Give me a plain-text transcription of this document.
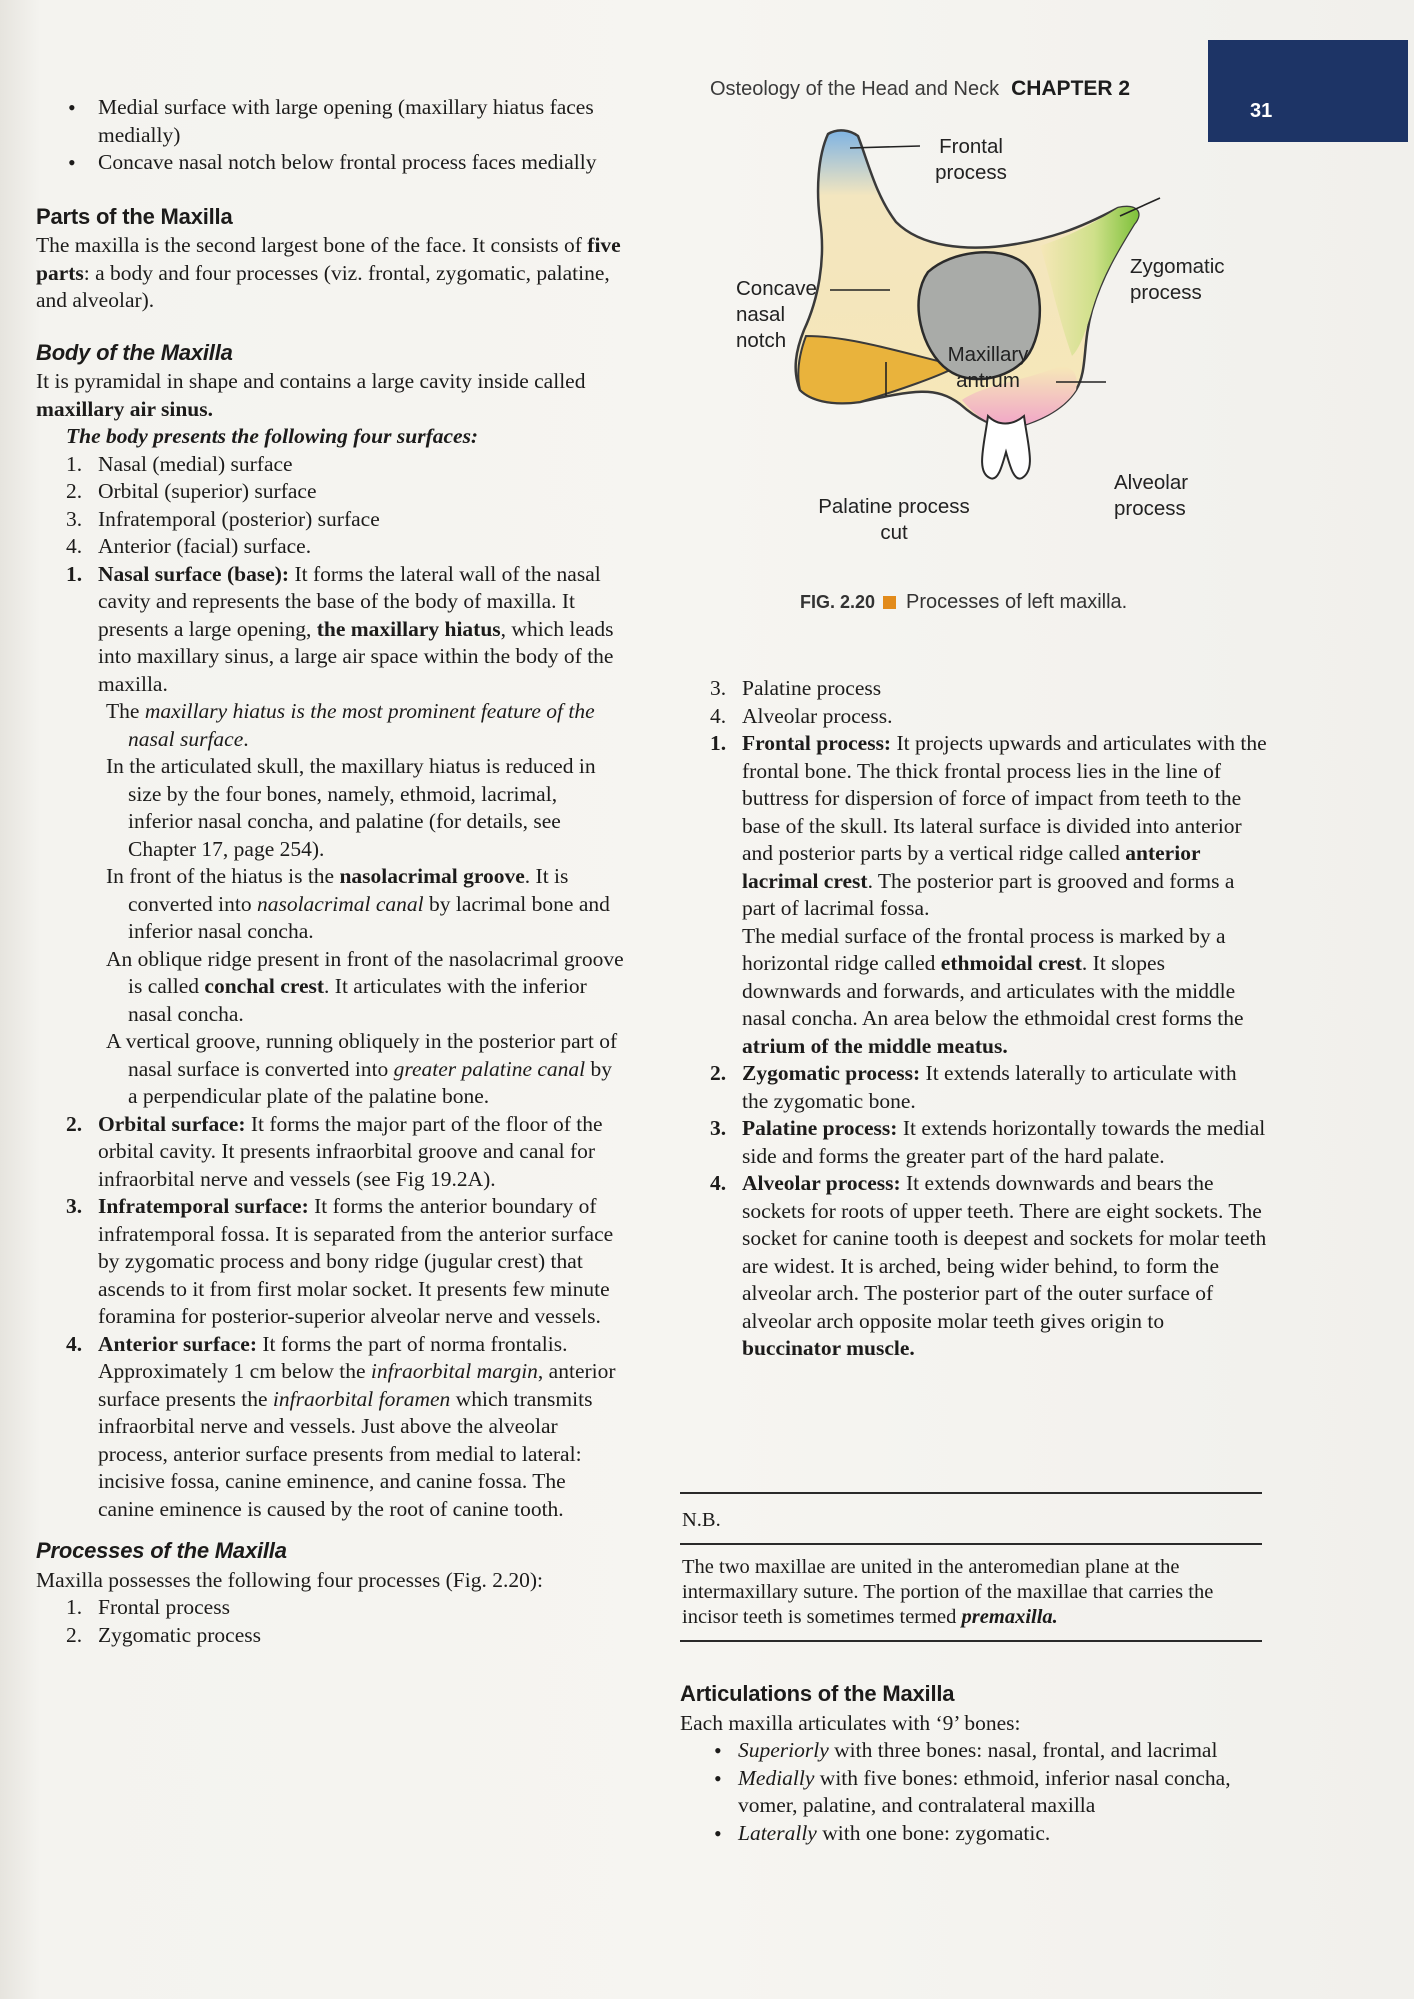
Osteology of the Head and Neck CHAPTER 2
31
• Medial surface with large opening (maxillary hiatus faces medially)
• Concave nasal notch below frontal process faces medially
Parts of the Maxilla

The maxilla is the second largest bone of the face. It consists of five parts: a body and four processes (viz. frontal, zygomatic, palatine, and alveolar).

Body of the Maxilla

It is pyramidal in shape and contains a large cavity inside called maxillary air sinus.

The body presents the following four surfaces:

1. Nasal (medial) surface
2. Orbital (superior) surface
3. Infratemporal (posterior) surface
4. Anterior (facial) surface.
1. Nasal surface (base): It forms the lateral wall of the nasal cavity and represents the base of the body of maxilla. It presents a large opening, the maxillary hiatus, which leads into maxillary sinus, a large air space within the body of the maxilla.

The maxillary hiatus is the most prominent feature of the nasal surface.

In the articulated skull, the maxillary hiatus is reduced in size by the four bones, namely, ethmoid, lacrimal, inferior nasal concha, and palatine (for details, see Chapter 17, page 254).

In front of the hiatus is the nasolacrimal groove. It is converted into nasolacrimal canal by lacrimal bone and inferior nasal concha.

An oblique ridge present in front of the nasolacrimal groove is called conchal crest. It articulates with the inferior nasal concha.

A vertical groove, running obliquely in the posterior part of nasal surface is converted into greater palatine canal by a perpendicular plate of the palatine bone.

2. Orbital surface: It forms the major part of the floor of the orbital cavity. It presents infraorbital groove and canal for infraorbital nerve and vessels (see Fig 19.2A).
3. Infratemporal surface: It forms the anterior boundary of infratemporal fossa. It is separated from the anterior surface by zygomatic process and bony ridge (jugular crest) that ascends to it from first molar socket. It presents few minute foramina for posterior-superior alveolar nerve and vessels.
4. Anterior surface: It forms the part of norma frontalis. Approximately 1 cm below the infraorbital margin, anterior surface presents the infraorbital foramen which transmits infraorbital nerve and vessels. Just above the alveolar process, anterior surface presents from medial to lateral: incisive fossa, canine eminence, and canine fossa. The canine eminence is caused by the root of canine tooth.
Processes of the Maxilla

Maxilla possesses the following four processes (Fig. 2.20):

1. Frontal process
2. Zygomatic process
Frontal process
Zygomatic process
Concave nasal notch
Maxillary antrum
Palatine process cut
Alveolar process
FIG. 2.20 Processes of left maxilla.
3. Palatine process
4. Alveolar process.
1. Frontal process: It projects upwards and articulates with the frontal bone. The thick frontal process lies in the line of buttress for dispersion of force of impact from teeth to the base of the skull. Its lateral surface is divided into anterior and posterior parts by a vertical ridge called anterior lacrimal crest. The posterior part is grooved and forms a part of lacrimal fossa.

The medial surface of the frontal process is marked by a horizontal ridge called ethmoidal crest. It slopes downwards and forwards, and articulates with the middle nasal concha. An area below the ethmoidal crest forms the atrium of the middle meatus.

2. Zygomatic process: It extends laterally to articulate with the zygomatic bone.
3. Palatine process: It extends horizontally towards the medial side and forms the greater part of the hard palate.
4. Alveolar process: It extends downwards and bears the sockets for roots of upper teeth. There are eight sockets. The socket for canine tooth is deepest and sockets for molar teeth are widest. It is arched, being wider behind, to form the alveolar arch. The posterior part of the outer surface of alveolar arch opposite molar teeth gives origin to buccinator muscle.
N.B.
The two maxillae are united in the anteromedian plane at the intermaxillary suture. The portion of the maxillae that carries the incisor teeth is sometimes termed premaxilla.
Articulations of the Maxilla

Each maxilla articulates with ‘9’ bones:

• Superiorly with three bones: nasal, frontal, and lacrimal
• Medially with five bones: ethmoid, inferior nasal concha, vomer, palatine, and contralateral maxilla
• Laterally with one bone: zygomatic.
